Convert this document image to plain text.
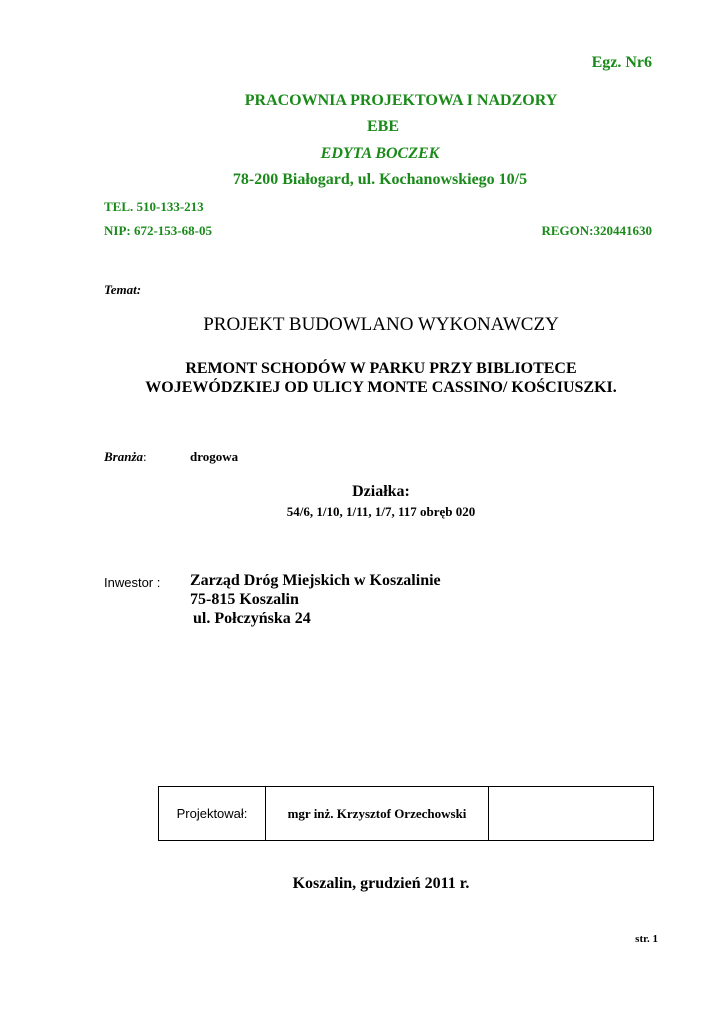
Egz. Nr6
PRACOWNIA PROJEKTOWA I NADZORY
EBE
EDYTA BOCZEK
78-200 Białogard, ul. Kochanowskiego 10/5
TEL. 510-133-213
NIP: 672-153-68-05	REGON:320441630
Temat:
PROJEKT BUDOWLANO WYKONAWCZY
REMONT SCHODÓW W PARKU PRZY BIBLIOTECE
WOJEWÓDZKIEJ OD ULICY MONTE CASSINO/ KOŚCIUSZKI.
Branża:	drogowa
Działka:
54/6, 1/10, 1/11, 1/7, 117 obręb 020
Inwestor : Zarząd Dróg Miejskich w Koszalinie
75-815 Koszalin
ul. Połczyńska 24
Projektował:	mgr inż. Krzysztof Orzechowski	
Koszalin, grudzień 2011 r.
str. 1
